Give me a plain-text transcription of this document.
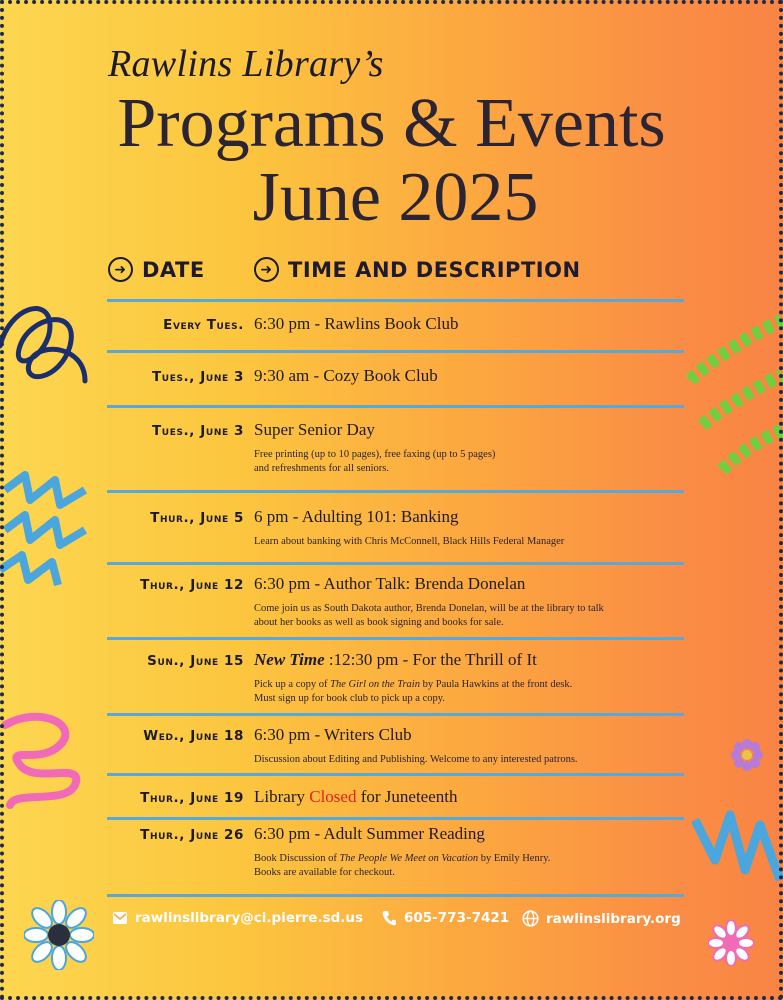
Rawlins Library’s
Programs & Events
June 2025
➜ DATE	➜ TIME AND DESCRIPTION
Every Tues. 6:30 pm - Rawlins Book Club
Tues., June 3 9:30 am - Cozy Book Club
Tues., June 3 Super Senior Day
Free printing (up to 10 pages), free faxing (up to 5 pages)
and refreshments for all seniors.
Thur., June 5 6 pm - Adulting 101: Banking
Learn about banking with Chris McConnell, Black Hills Federal Manager
Thur., June 12 6:30 pm - Author Talk: Brenda Donelan
Come join us as South Dakota author, Brenda Donelan, will be at the library to talk
about her books as well as book signing and books for sale.
Sun., June 15 New Time :12:30 pm - For the Thrill of It
Pick up a copy of The Girl on the Train by Paula Hawkins at the front desk.
Must sign up for book club to pick up a copy.
Wed., June 18 6:30 pm - Writers Club
Discussion about Editing and Publishing. Welcome to any interested patrons.
Thur., June 19 Library Closed for Juneteenth
Thur., June 26 6:30 pm - Adult Summer Reading
Book Discussion of The People We Meet on Vacation by Emily Henry.
Books are available for checkout.
rawlinslibrary@ci.pierre.sd.us	605-773-7421	rawlinslibrary.org
